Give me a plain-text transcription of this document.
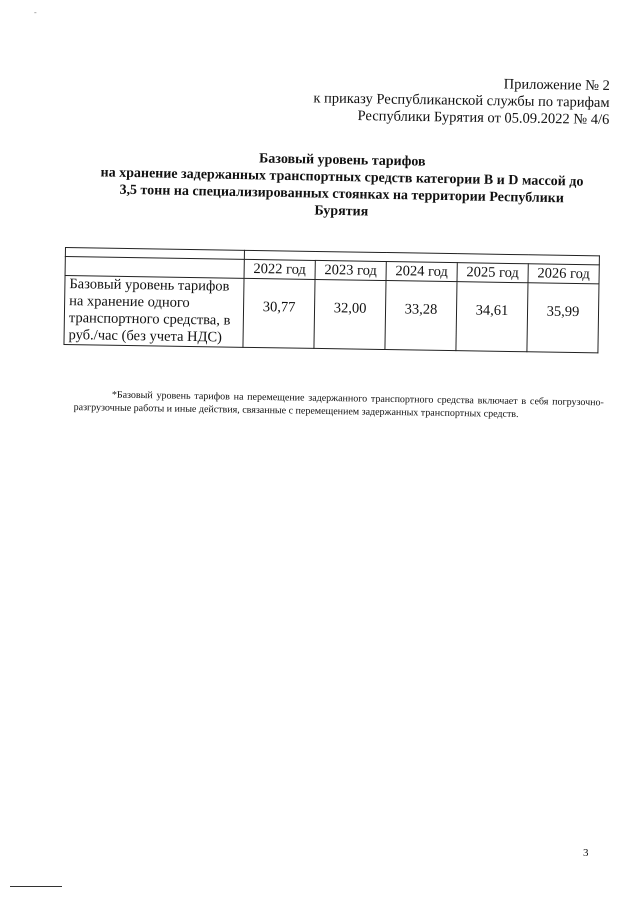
-
Приложение № 2
к приказу Республиканской службы по тарифам
Республики Бурятия от 05.09.2022 № 4/6
Базовый уровень тарифов
на хранение задержанных транспортных средств категории В и D массой до
3,5 тонн на специализированных стоянках на территории Республики
Бурятия

	2022 год	2023 год	2024 год	2025 год	2026 год
Базовый уровень тарифов на хранение одного транспортного средства, в руб./час (без учета НДС)	30,77	32,00	33,28	34,61	35,99
*Базовый уровень тарифов на перемещение задержанного транспортного средства включает в себя погрузочно-разгрузочные работы и иные действия, связанные с перемещением задержанных транспортных средств.
3
